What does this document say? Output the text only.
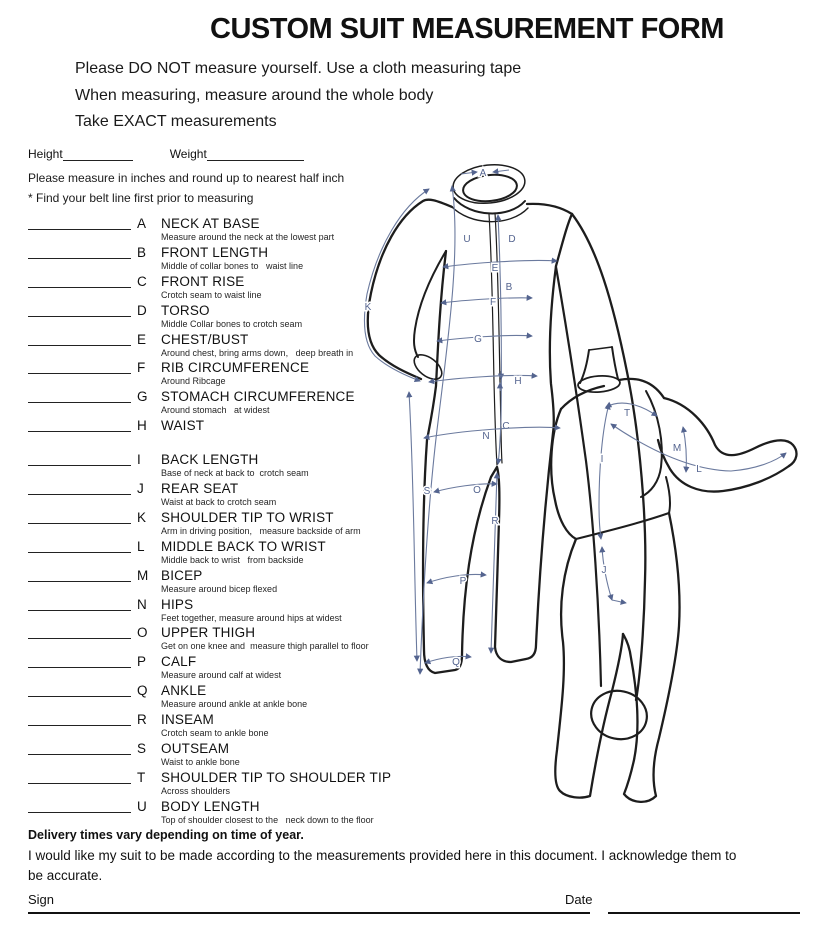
CUSTOM SUIT MEASUREMENT FORM
Please DO NOT measure yourself. Use a cloth measuring tape
When measuring, measure around the whole body
Take EXACT measurements
Height	Weight
Please measure in inches and round up to nearest half inch
* Find your belt line first prior to measuring
A	NECK AT BASE
Measure around the neck at the lowest part
B	FRONT LENGTH
Middle of collar bones to   waist line
C	FRONT RISE
Crotch seam to waist line
D	TORSO
Middle Collar bones to crotch seam
E	CHEST/BUST
Around chest, bring arms down,   deep breath in
F	RIB CIRCUMFERENCE
Around Ribcage
G STOMACH CIRCUMFERENCE
Around stomach   at widest
H	WAIST
I	BACK LENGTH
Base of neck at back to  crotch seam
J	REAR SEAT
Waist at back to crotch seam
K	SHOULDER TIP TO WRIST
Arm in driving position,   measure backside of arm
L	MIDDLE BACK TO WRIST
Middle back to wrist   from backside
M BICEP
Measure around bicep flexed
N	HIPS
Feet together, measure around hips at widest
O UPPER THIGH
Get on one knee and  measure thigh parallel to floor
P	CALF
Measure around calf at widest
Q ANKLE
Measure around ankle at ankle bone
R	INSEAM
Crotch seam to ankle bone
S	OUTSEAM
Waist to ankle bone
T	SHOULDER TIP TO SHOULDER TIP
Across shoulders
U	BODY LENGTH
Top of shoulder closest to the   neck down to the floor
A
U	D
B
C
E
F
G
H
K
N
S	O
R
P
Q
T
I
J
M
L
Delivery times vary depending on time of year.
I would like my suit to be made according to the measurements provided here in this document. I acknowledge them to be accurate.
Sign	Date
